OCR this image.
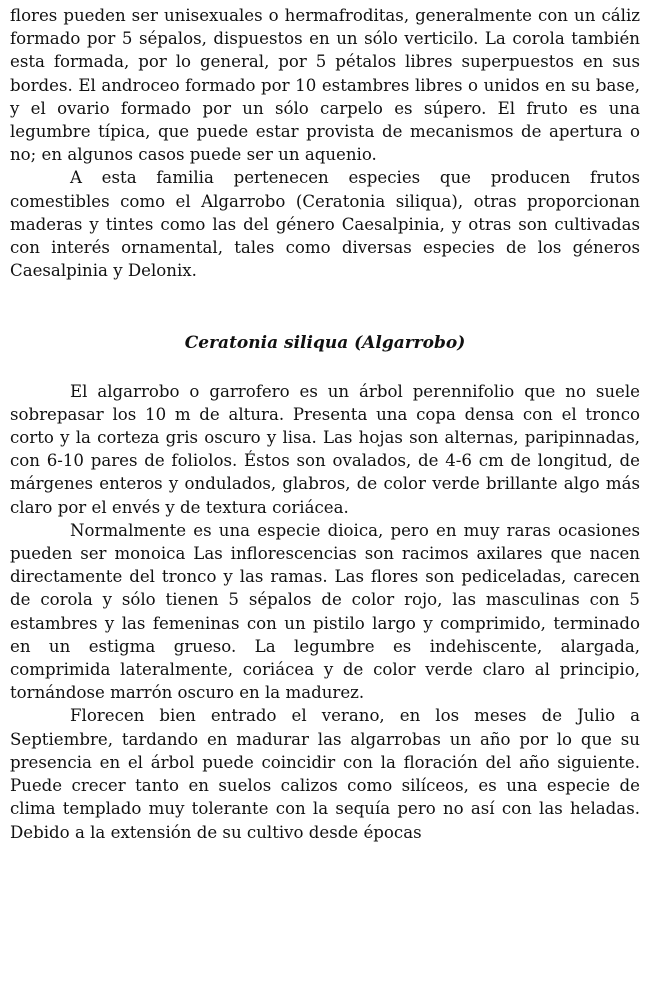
flores pueden ser unisexuales o hermafroditas, generalmente con un cáliz formado por 5 sépalos, dispuestos en un sólo verticilo. La corola también esta formada, por lo general, por 5 pétalos libres superpuestos en sus bordes. El androceo formado por 10 estambres libres o unidos en su base, y el ovario formado por un sólo carpelo es súpero. El fruto es una legumbre típica, que puede estar provista de mecanismos de apertura o no; en algunos casos puede ser un aquenio.

A esta familia pertenecen especies que producen frutos comestibles como el Algarrobo (Ceratonia siliqua), otras proporcionan maderas y tintes como las del género Caesalpinia, y otras son cultivadas con interés ornamental, tales como diversas especies de los géneros Caesalpinia y Delonix.

Ceratonia siliqua (Algarrobo)

El algarrobo o garrofero es un árbol perennifolio que no suele sobrepasar los 10 m de altura. Presenta una copa densa con el tronco corto y la corteza gris oscuro y lisa. Las hojas son alternas, paripinnadas, con 6-10 pares de foliolos. Éstos son ovalados, de 4-6 cm de longitud, de márgenes enteros y ondulados, glabros, de color verde brillante algo más claro por el envés y de textura coriácea.

Normalmente es una especie dioica, pero en muy raras ocasiones pueden ser monoica Las inflorescencias son racimos axilares que nacen directamente del tronco y las ramas. Las flores son pediceladas, carecen de corola y sólo tienen 5 sépalos de color rojo, las masculinas con 5 estambres y las femeninas con un pistilo largo y comprimido, terminado en un estigma grueso. La legumbre es indehiscente, alargada, comprimida lateralmente, coriácea y de color verde claro al principio, tornándose marrón oscuro en la madurez.

Florecen bien entrado el verano, en los meses de Julio a Septiembre, tardando en madurar las algarrobas un año por lo que su presencia en el árbol puede coincidir con la floración del año siguiente. Puede crecer tanto en suelos calizos como silíceos, es una especie de clima templado muy tolerante con la sequía pero no así con las heladas. Debido a la extensión de su cultivo desde épocas
